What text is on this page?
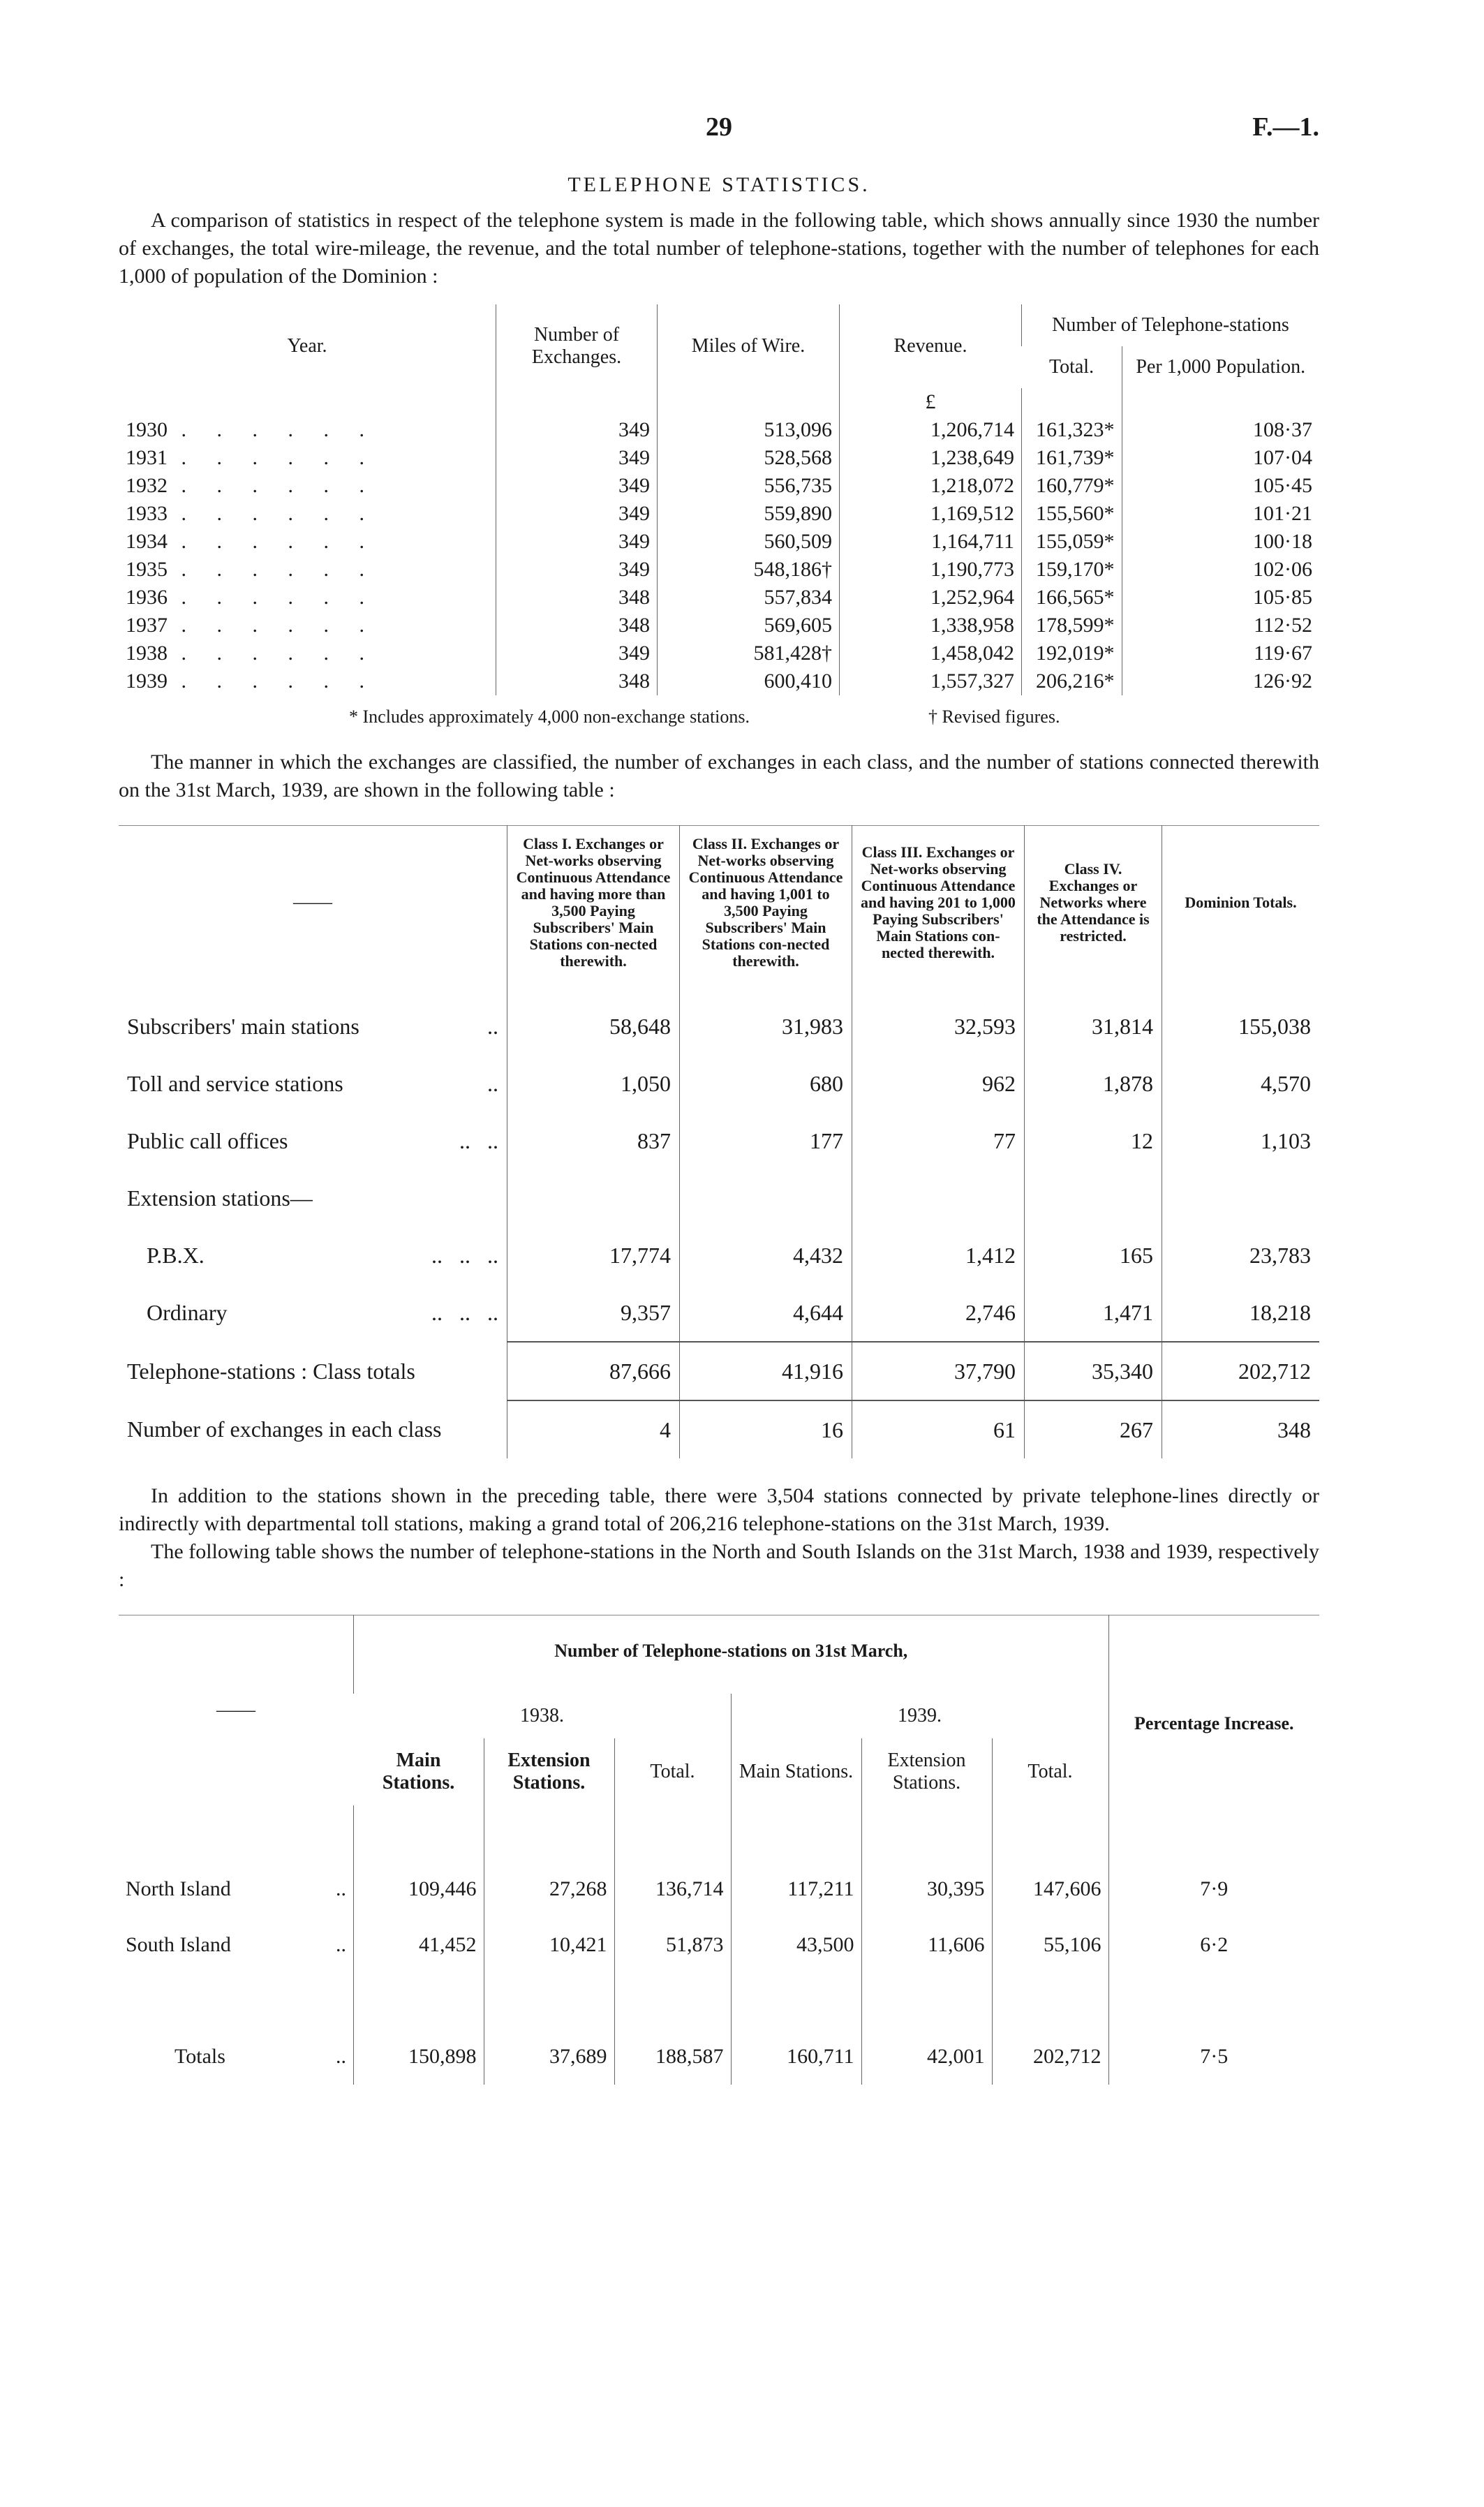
29	F.—1.
TELEPHONE STATISTICS.

A comparison of statistics in respect of the telephone system is made in the following table, which shows annually since 1930 the number of exchanges, the total wire-mileage, the revenue, and the total number of telephone-stations, together with the number of telephones for each 1,000 of population of the Dominion :

Year.	Number of Exchanges.	Miles of Wire.	Revenue.	Number of Telephone-stations	
				Total.	Per 1,000 Population.
			£		
1930 . . . . . .	349	513,096	1,206,714	161,323*	108·37
1931 . . . . . .	349	528,568	1,238,649	161,739*	107·04
1932 . . . . . .	349	556,735	1,218,072	160,779*	105·45
1933 . . . . . .	349	559,890	1,169,512	155,560*	101·21
1934 . . . . . .	349	560,509	1,164,711	155,059*	100·18
1935 . . . . . .	349	548,186†	1,190,773	159,170*	102·06
1936 . . . . . .	348	557,834	1,252,964	166,565*	105·85
1937 . . . . . .	348	569,605	1,338,958	178,599*	112·52
1938 . . . . . .	349	581,428†	1,458,042	192,019*	119·67
1939 . . . . . .	348	600,410	1,557,327	206,216*	126·92
* Includes approximately 4,000 non-exchange stations.	† Revised figures.

The manner in which the exchanges are classified, the number of exchanges in each class, and the number of stations connected therewith on the 31st March, 1939, are shown in the following table :

——	Class I. Exchanges or Net-works observing Continuous Attendance and having more than 3,500 Paying Subscribers' Main Stations con-nected therewith.	Class II. Exchanges or Net-works observing Continuous Attendance and having 1,001 to 3,500 Paying Subscribers' Main Stations con-nected therewith.	Class III. Exchanges or Net-works observing Continuous Attendance and having 201 to 1,000 Paying Subscribers' Main Stations con-nected therewith.	Class IV. Exchanges or Networks where the Attendance is restricted.	Dominion Totals.
Subscribers' main stations ..	58,648	31,983	32,593	31,814	155,038
Toll and service stations ..	1,050	680	962	1,878	4,570
Public call offices ..   ..	837	177	77	12	1,103
Extension stations—					
P.B.X. ..   ..   ..	17,774	4,432	1,412	165	23,783
Ordinary ..   ..   ..	9,357	4,644	2,746	1,471	18,218
Telephone-stations : Class totals	87,666	41,916	37,790	35,340	202,712
Number of exchanges in each class	4	16	61	267	348

In addition to the stations shown in the preceding table, there were 3,504 stations connected by private telephone-lines directly or indirectly with departmental toll stations, making a grand total of 206,216 telephone-stations on the 31st March, 1939.

The following table shows the number of telephone-stations in the North and South Islands on the 31st March, 1938 and 1939, respectively :

——	Number of Telephone-stations on 31st March,						Percentage Increase.
	1938.			1939.			
	Main Stations.	Extension Stations.	Total.	Main Stations.	Extension Stations.	Total.	

North Island ..	109,446	27,268	136,714	117,211	30,395	147,606	7·9
South Island ..	41,452	10,421	51,873	43,500	11,606	55,106	6·2

Totals ..	150,898	37,689	188,587	160,711	42,001	202,712	7·5
